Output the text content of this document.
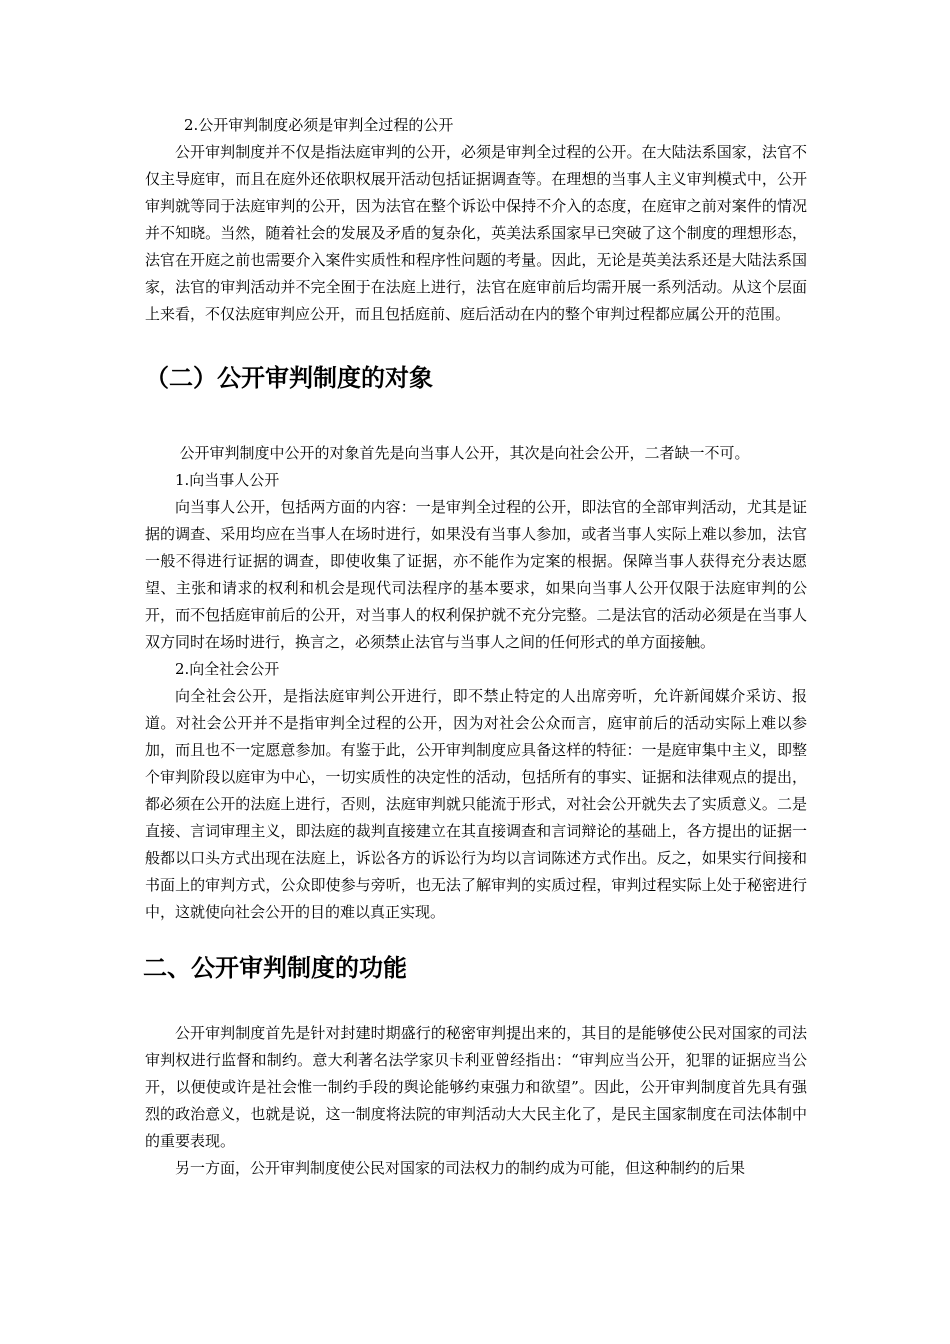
2.公开审判制度必须是审判全过程的公开

公开审判制度并不仅是指法庭审判的公开，必须是审判全过程的公开。在大陆法系国家，法官不仅主导庭审，而且在庭外还依职权展开活动包括证据调查等。在理想的当事人主义审判模式中，公开审判就等同于法庭审判的公开，因为法官在整个诉讼中保持不介入的态度，在庭审之前对案件的情况并不知晓。当然，随着社会的发展及矛盾的复杂化，英美法系国家早已突破了这个制度的理想形态，法官在开庭之前也需要介入案件实质性和程序性问题的考量。因此，无论是英美法系还是大陆法系国家，法官的审判活动并不完全囿于在法庭上进行，法官在庭审前后均需开展一系列活动。从这个层面上来看，不仅法庭审判应公开，而且包括庭前、庭后活动在内的整个审判过程都应属公开的范围。

（二）公开审判制度的对象

公开审判制度中公开的对象首先是向当事人公开，其次是向社会公开，二者缺一不可。

1.向当事人公开

向当事人公开，包括两方面的内容：一是审判全过程的公开，即法官的全部审判活动，尤其是证据的调查、采用均应在当事人在场时进行，如果没有当事人参加，或者当事人实际上难以参加，法官一般不得进行证据的调查，即使收集了证据，亦不能作为定案的根据。保障当事人获得充分表达愿望、主张和请求的权利和机会是现代司法程序的基本要求，如果向当事人公开仅限于法庭审判的公开，而不包括庭审前后的公开，对当事人的权利保护就不充分完整。二是法官的活动必须是在当事人双方同时在场时进行，换言之，必须禁止法官与当事人之间的任何形式的单方面接触。

2.向全社会公开

向全社会公开，是指法庭审判公开进行，即不禁止特定的人出席旁听，允许新闻媒介采访、报道。对社会公开并不是指审判全过程的公开，因为对社会公众而言，庭审前后的活动实际上难以参加，而且也不一定愿意参加。有鉴于此，公开审判制度应具备这样的特征：一是庭审集中主义，即整个审判阶段以庭审为中心，一切实质性的决定性的活动，包括所有的事实、证据和法律观点的提出，都必须在公开的法庭上进行，否则，法庭审判就只能流于形式，对社会公开就失去了实质意义。二是直接、言词审理主义，即法庭的裁判直接建立在其直接调查和言词辩论的基础上，各方提出的证据一般都以口头方式出现在法庭上，诉讼各方的诉讼行为均以言词陈述方式作出。反之，如果实行间接和书面上的审判方式，公众即使参与旁听，也无法了解审判的实质过程，审判过程实际上处于秘密进行中，这就使向社会公开的目的难以真正实现。

二、公开审判制度的功能

公开审判制度首先是针对封建时期盛行的秘密审判提出来的，其目的是能够使公民对国家的司法审判权进行监督和制约。意大利著名法学家贝卡利亚曾经指出：“审判应当公开，犯罪的证据应当公开，以便使或许是社会惟一制约手段的舆论能够约束强力和欲望”。因此，公开审判制度首先具有强烈的政治意义，也就是说，这一制度将法院的审判活动大大民主化了，是民主国家制度在司法体制中的重要表现。

另一方面，公开审判制度使公民对国家的司法权力的制约成为可能，但这种制约的后果
